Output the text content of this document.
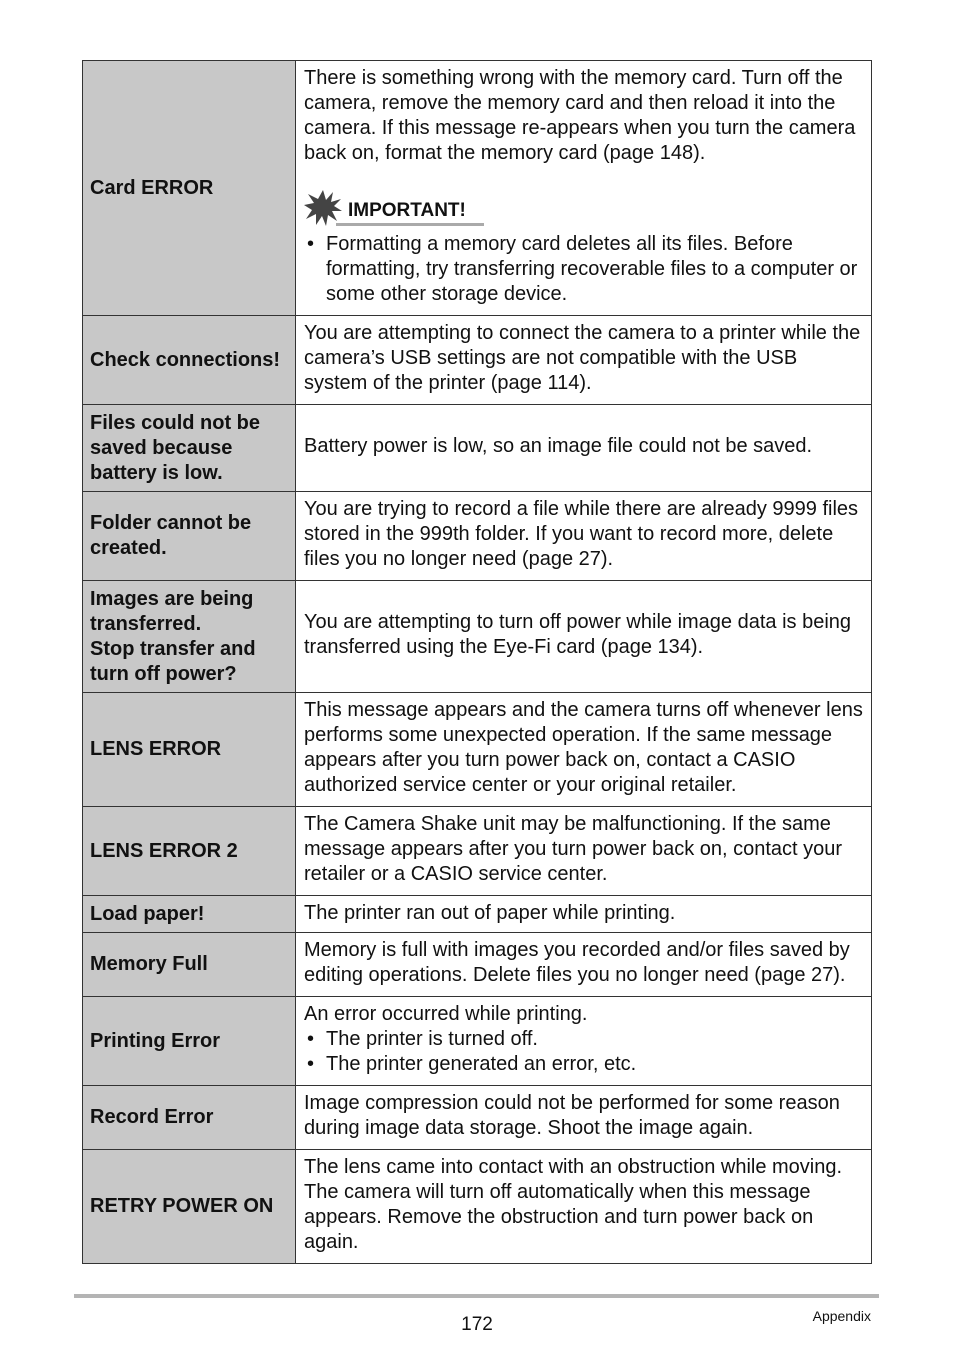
Card ERROR	There is something wrong with the memory card. Turn off the camera, remove the memory card and then reload it into the camera. If this message re-appears when you turn the camera back on, format the memory card (page 148).
IMPORTANT!
• Formatting a memory card deletes all its files. Before formatting, try transferring recoverable files to a computer or some other storage device.

Check connections!	You are attempting to connect the camera to a printer while the camera’s USB settings are not compatible with the USB system of the printer (page 114).

Files could not be saved because battery is low.	Battery power is low, so an image file could not be saved.

Folder cannot be created.	You are trying to record a file while there are already 9999 files stored in the 999th folder. If you want to record more, delete files you no longer need (page 27).

Images are being transferred.
Stop transfer and turn off power?	You are attempting to turn off power while image data is being transferred using the Eye-Fi card (page 134).

LENS ERROR	This message appears and the camera turns off whenever lens performs some unexpected operation. If the same message appears after you turn power back on, contact a CASIO authorized service center or your original retailer.

LENS ERROR 2	The Camera Shake unit may be malfunctioning. If the same message appears after you turn power back on, contact your retailer or a CASIO service center.

Load paper!	The printer ran out of paper while printing.

Memory Full	Memory is full with images you recorded and/or files saved by editing operations. Delete files you no longer need (page 27).

Printing Error	An error occurred while printing.
• The printer is turned off.
• The printer generated an error, etc.

Record Error	Image compression could not be performed for some reason during image data storage. Shoot the image again.

RETRY POWER ON	The lens came into contact with an obstruction while moving. The camera will turn off automatically when this message appears. Remove the obstruction and turn power back on again.
172	Appendix
